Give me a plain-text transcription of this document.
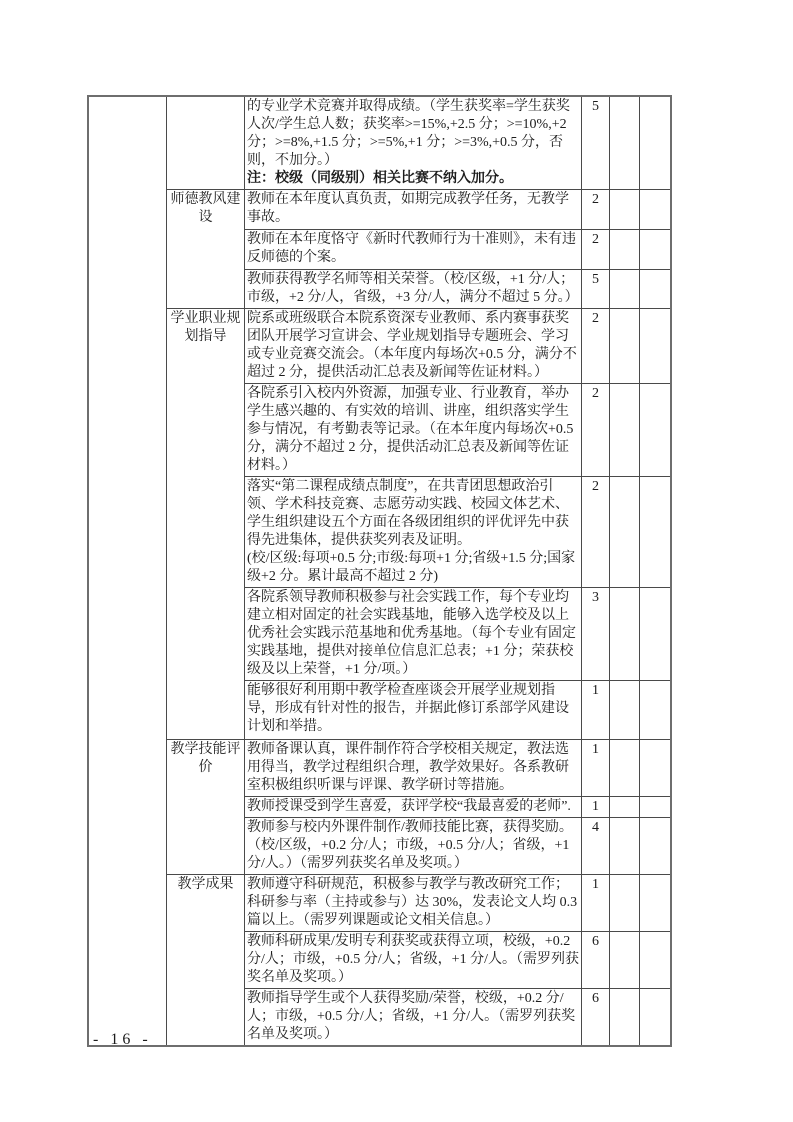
		的专业学术竞赛并取得成绩。（学生获奖率=学生获奖人次/学生总人数；获奖率>=15%,+2.5 分；>=10%,+2 分；>=8%,+1.5 分；>=5%,+1 分；>=3%,+0.5 分，否则，不加分。）
注：校级（同级别）相关比赛不纳入加分。	5		
	师德教风建设	教师在本年度认真负责，如期完成教学任务，无教学事故。	2		

		教师在本年度恪守《新时代教师行为十准则》，未有违反师德的个案。	2		

		教师获得教学名师等相关荣誉。（校/区级，+1 分/人；市级，+2 分/人，省级，+3 分/人，满分不超过 5 分。）	5		
	学业职业规划指导	院系或班级联合本院系资深专业教师、系内赛事获奖团队开展学习宣讲会、学业规划指导专题班会、学习或专业竞赛交流会。（本年度内每场次+0.5 分，满分不超过 2 分，提供活动汇总表及新闻等佐证材料。）	2		

		各院系引入校内外资源，加强专业、行业教育，举办学生感兴趣的、有实效的培训、讲座，组织落实学生参与情况，有考勤表等记录。（在本年度内每场次+0.5 分，满分不超过 2 分，提供活动汇总表及新闻等佐证材料。）	2		

		落实“第二课程成绩点制度”，在共青团思想政治引领、学术科技竞赛、志愿劳动实践、校园文体艺术、学生组织建设五个方面在各级团组织的评优评先中获得先进集体，提供获奖列表及证明。
(校/区级:每项+0.5 分;市级:每项+1 分;省级+1.5 分;国家级+2 分。累计最高不超过 2 分)	2		

		各院系领导教师积极参与社会实践工作，每个专业均建立相对固定的社会实践基地，能够入选学校及以上优秀社会实践示范基地和优秀基地。（每个专业有固定实践基地，提供对接单位信息汇总表；+1 分；荣获校级及以上荣誉，+1 分/项。）	3		

		能够很好利用期中教学检查座谈会开展学业规划指导，形成有针对性的报告，并据此修订系部学风建设计划和举措。	1		
	教学技能评价	教师备课认真，课件制作符合学校相关规定，教法选用得当，教学过程组织合理，教学效果好。各系教研室积极组织听课与评课、教学研讨等措施。	1		

		教师授课受到学生喜爱，获评学校“我最喜爱的老师”.	1		

		教师参与校内外课件制作/教师技能比赛，获得奖励。（校/区级，+0.2 分/人；市级，+0.5 分/人；省级，+1 分/人。）（需罗列获奖名单及奖项。）	4		
	教学成果	教师遵守科研规范，积极参与教学与教改研究工作；科研参与率（主持或参与）达 30%，发表论文人均 0.3 篇以上。（需罗列课题或论文相关信息。）	1		

		教师科研成果/发明专利获奖或获得立项，校级，+0.2 分/人；市级，+0.5 分/人；省级，+1 分/人。（需罗列获奖名单及奖项。）	6		

		教师指导学生或个人获得奖励/荣誉，校级，+0.2 分/人；市级，+0.5 分/人；省级，+1 分/人。（需罗列获奖名单及奖项。）	6		
- 16 -
